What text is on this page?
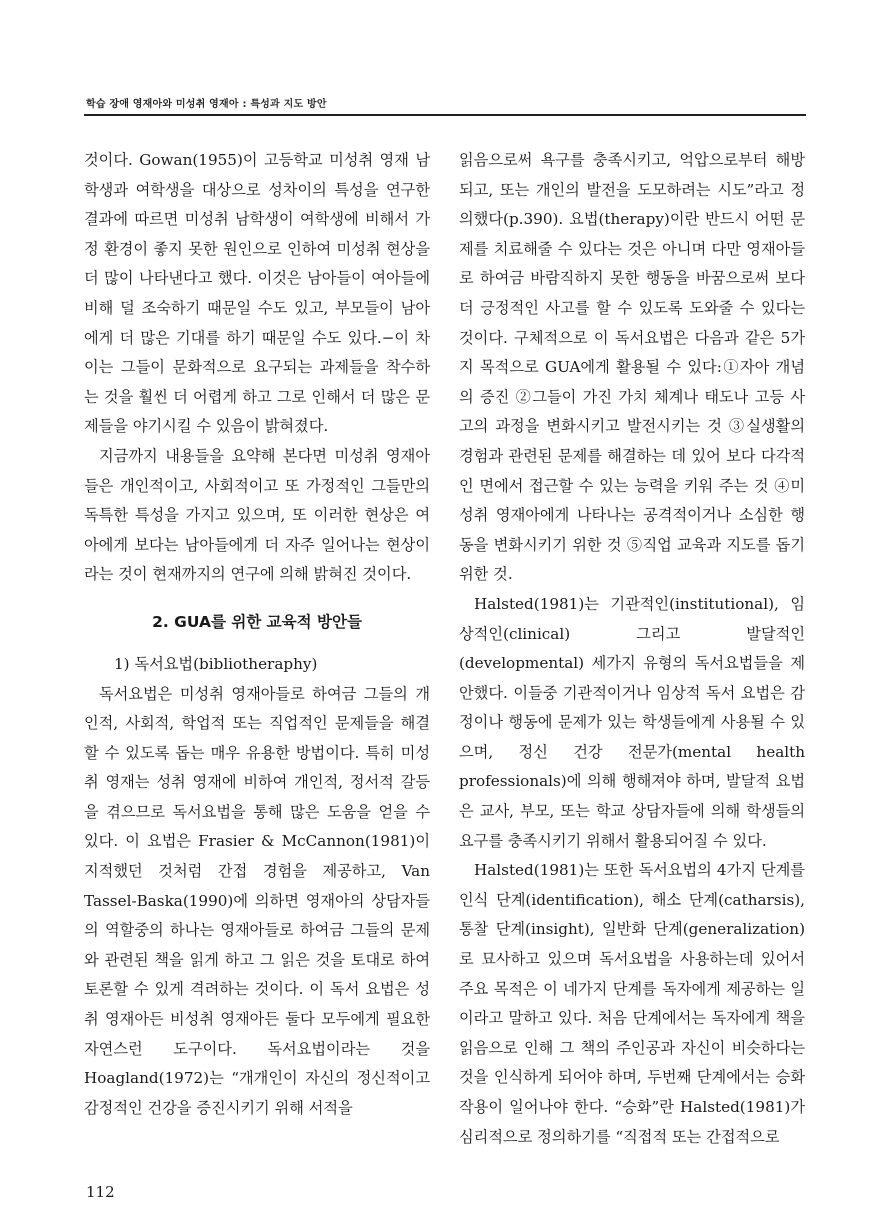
학습 장애 영재아와 미성취 영재아 : 특성과 지도 방안

것이다. Gowan(1955)이 고등학교 미성취 영재 남학생과 여학생을 대상으로 성차이의 특성을 연구한 결과에 따르면 미성취 남학생이 여학생에 비해서 가정 환경이 좋지 못한 원인으로 인하여 미성취 현상을 더 많이 나타낸다고 했다. 이것은 남아들이 여아들에 비해 덜 조숙하기 때문일 수도 있고, 부모들이 남아에게 더 많은 기대를 하기 때문일 수도 있다.−이 차이는 그들이 문화적으로 요구되는 과제들을 착수하는 것을 훨씬 더 어렵게 하고 그로 인해서 더 많은 문제들을 야기시킬 수 있음이 밝혀졌다.

지금까지 내용들을 요약해 본다면 미성취 영재아들은 개인적이고, 사회적이고 또 가정적인 그들만의 독특한 특성을 가지고 있으며, 또 이러한 현상은 여아에게 보다는 남아들에게 더 자주 일어나는 현상이라는 것이 현재까지의 연구에 의해 밝혀진 것이다.

2. GUA를 위한 교육적 방안들

1) 독서요법(bibliotheraphy)

독서요법은 미성취 영재아들로 하여금 그들의 개인적, 사회적, 학업적 또는 직업적인 문제들을 해결할 수 있도록 돕는 매우 유용한 방법이다. 특히 미성취 영재는 성취 영재에 비하여 개인적, 정서적 갈등을 겪으므로 독서요법을 통해 많은 도움을 얻을 수 있다. 이 요법은 Frasier & McCannon(1981)이 지적했던 것처럼 간접 경험을 제공하고, Van Tassel-Baska(1990)에 의하면 영재아의 상담자들의 역할중의 하나는 영재아들로 하여금 그들의 문제와 관련된 책을 읽게 하고 그 읽은 것을 토대로 하여 토론할 수 있게 격려하는 것이다. 이 독서 요법은 성취 영재아든 비성취 영재아든 둘다 모두에게 필요한 자연스런 도구이다. 독서요법이라는 것을 Hoagland(1972)는 “개개인이 자신의 정신적이고 감정적인 건강을 증진시키기 위해 서적을

읽음으로써 욕구를 충족시키고, 억압으로부터 해방되고, 또는 개인의 발전을 도모하려는 시도”라고 정의했다(p.390). 요법(therapy)이란 반드시 어떤 문제를 치료해줄 수 있다는 것은 아니며 다만 영재아들로 하여금 바람직하지 못한 행동을 바꿈으로써 보다 더 긍정적인 사고를 할 수 있도록 도와줄 수 있다는 것이다. 구체적으로 이 독서요법은 다음과 같은 5가지 목적으로 GUA에게 활용될 수 있다:①자아 개념의 증진 ②그들이 가진 가치 체계나 태도나 고등 사고의 과정을 변화시키고 발전시키는 것 ③실생활의 경험과 관련된 문제를 해결하는 데 있어 보다 다각적인 면에서 접근할 수 있는 능력을 키워 주는 것 ④미성취 영재아에게 나타나는 공격적이거나 소심한 행동을 변화시키기 위한 것 ⑤직업 교육과 지도를 돕기 위한 것.

Halsted(1981)는 기관적인(institutional), 임상적인(clinical) 그리고 발달적인(developmental) 세가지 유형의 독서요법들을 제안했다. 이들중 기관적이거나 임상적 독서 요법은 감정이나 행동에 문제가 있는 학생들에게 사용될 수 있으며, 정신 건강 전문가(mental health professionals)에 의해 행해져야 하며, 발달적 요법은 교사, 부모, 또는 학교 상담자들에 의해 학생들의 요구를 충족시키기 위해서 활용되어질 수 있다.

Halsted(1981)는 또한 독서요법의 4가지 단계를 인식 단계(identification), 해소 단계(catharsis), 통찰 단계(insight), 일반화 단계(generalization)로 묘사하고 있으며 독서요법을 사용하는데 있어서 주요 목적은 이 네가지 단계를 독자에게 제공하는 일이라고 말하고 있다. 처음 단계에서는 독자에게 책을 읽음으로 인해 그 책의 주인공과 자신이 비슷하다는 것을 인식하게 되어야 하며, 두번째 단계에서는 승화 작용이 일어나야 한다. “승화”란 Halsted(1981)가 심리적으로 정의하기를 “직접적 또는 간접적으로

112
